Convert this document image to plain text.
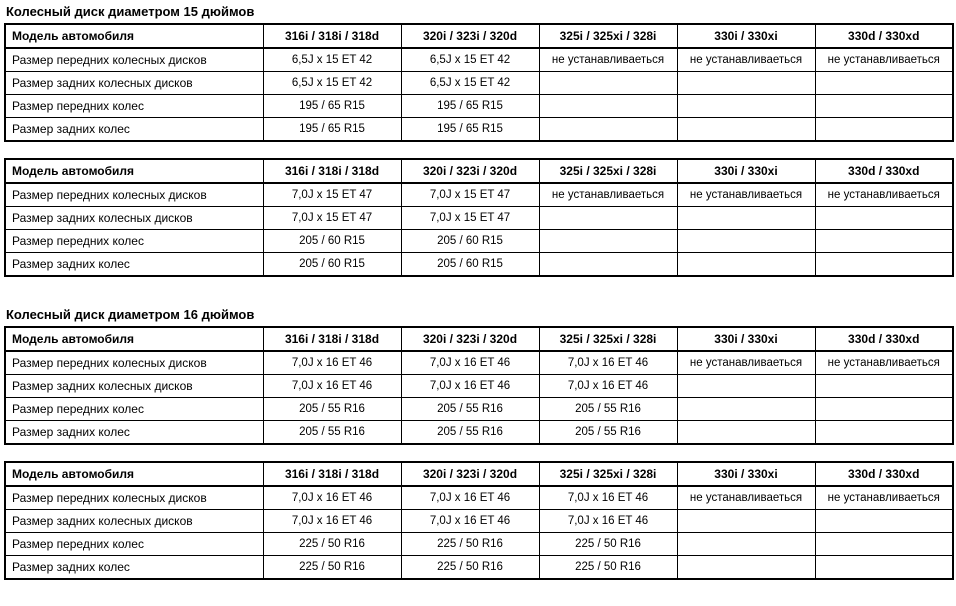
Колесный диск диаметром 15 дюймов
Модель автомобиля	316i / 318i / 318d	320i / 323i / 320d	325i / 325xi / 328i	330i / 330xi	330d / 330xd
Размер передних колесных дисков	6,5J x 15 ET 42	6,5J x 15 ET 42	не устанавливаеться	не устанавливаеться	не устанавливаеться
Размер задних колесных дисков	6,5J x 15 ET 42	6,5J x 15 ET 42			
Размер передних колес	195 / 65 R15	195 / 65 R15			
Размер задних колес	195 / 65 R15	195 / 65 R15			
Модель автомобиля	316i / 318i / 318d	320i / 323i / 320d	325i / 325xi / 328i	330i / 330xi	330d / 330xd
Размер передних колесных дисков	7,0J x 15 ET 47	7,0J x 15 ET 47	не устанавливаеться	не устанавливаеться	не устанавливаеться
Размер задних колесных дисков	7,0J x 15 ET 47	7,0J x 15 ET 47			
Размер передних колес	205 / 60 R15	205 / 60 R15			
Размер задних колес	205 / 60 R15	205 / 60 R15			
Колесный диск диаметром 16 дюймов
Модель автомобиля	316i / 318i / 318d	320i / 323i / 320d	325i / 325xi / 328i	330i / 330xi	330d / 330xd
Размер передних колесных дисков	7,0J x 16 ET 46	7,0J x 16 ET 46	7,0J x 16 ET 46	не устанавливаеться	не устанавливаеться
Размер задних колесных дисков	7,0J x 16 ET 46	7,0J x 16 ET 46	7,0J x 16 ET 46		
Размер передних колес	205 / 55 R16	205 / 55 R16	205 / 55 R16		
Размер задних колес	205 / 55 R16	205 / 55 R16	205 / 55 R16		
Модель автомобиля	316i / 318i / 318d	320i / 323i / 320d	325i / 325xi / 328i	330i / 330xi	330d / 330xd
Размер передних колесных дисков	7,0J x 16 ET 46	7,0J x 16 ET 46	7,0J x 16 ET 46	не устанавливаеться	не устанавливаеться
Размер задних колесных дисков	7,0J x 16 ET 46	7,0J x 16 ET 46	7,0J x 16 ET 46		
Размер передних колес	225 / 50 R16	225 / 50 R16	225 / 50 R16		
Размер задних колес	225 / 50 R16	225 / 50 R16	225 / 50 R16		
